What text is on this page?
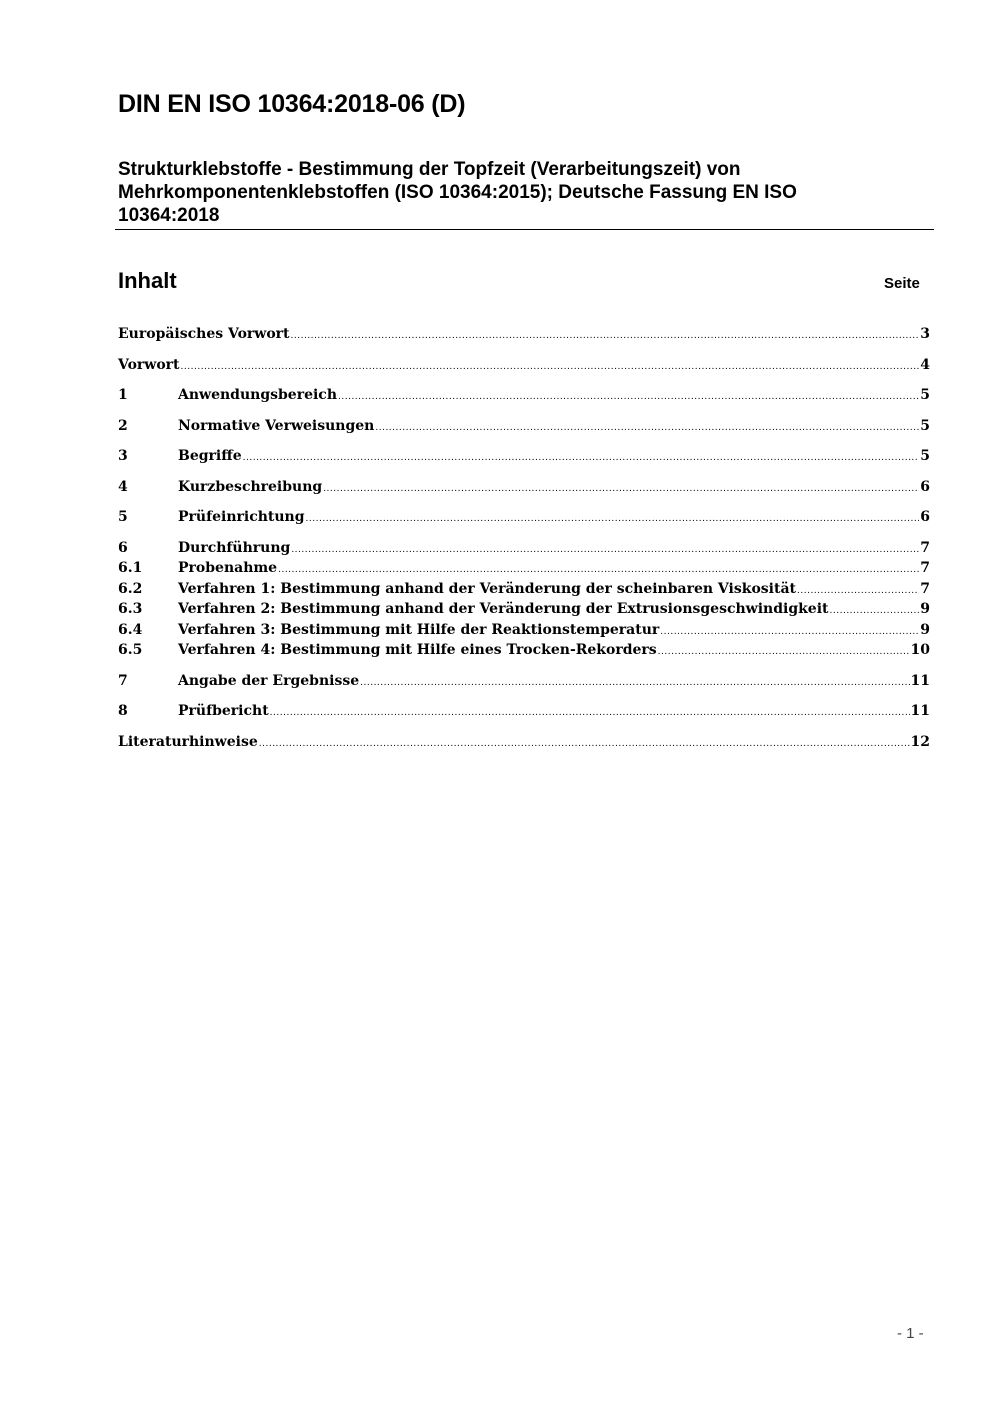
DIN EN ISO 10364:2018-06 (D)
Strukturklebstoffe - Bestimmung der Topfzeit (Verarbeitungszeit) von Mehrkomponentenklebstoffen (ISO 10364:2015); Deutsche Fassung EN ISO 10364:2018
Inhalt	Seite
Europäisches Vorwort .....	3
Vorwort .....	4
1	Anwendungsbereich .....	5
2	Normative Verweisungen .....	5
3	Begriffe .....	5
4	Kurzbeschreibung .....	6
5	Prüfeinrichtung .....	6
6	Durchführung .....	7
6.1	Probenahme .....	7
6.2	Verfahren 1: Bestimmung anhand der Veränderung der scheinbaren Viskosität .....	7
6.3	Verfahren 2: Bestimmung anhand der Veränderung der Extrusionsgeschwindigkeit .....	9
6.4	Verfahren 3: Bestimmung mit Hilfe der Reaktionstemperatur .....	9
6.5	Verfahren 4: Bestimmung mit Hilfe eines Trocken-Rekorders .....	10
7	Angabe der Ergebnisse .....	11
8	Prüfbericht .....	11
Literaturhinweise .....	12
- 1 -
